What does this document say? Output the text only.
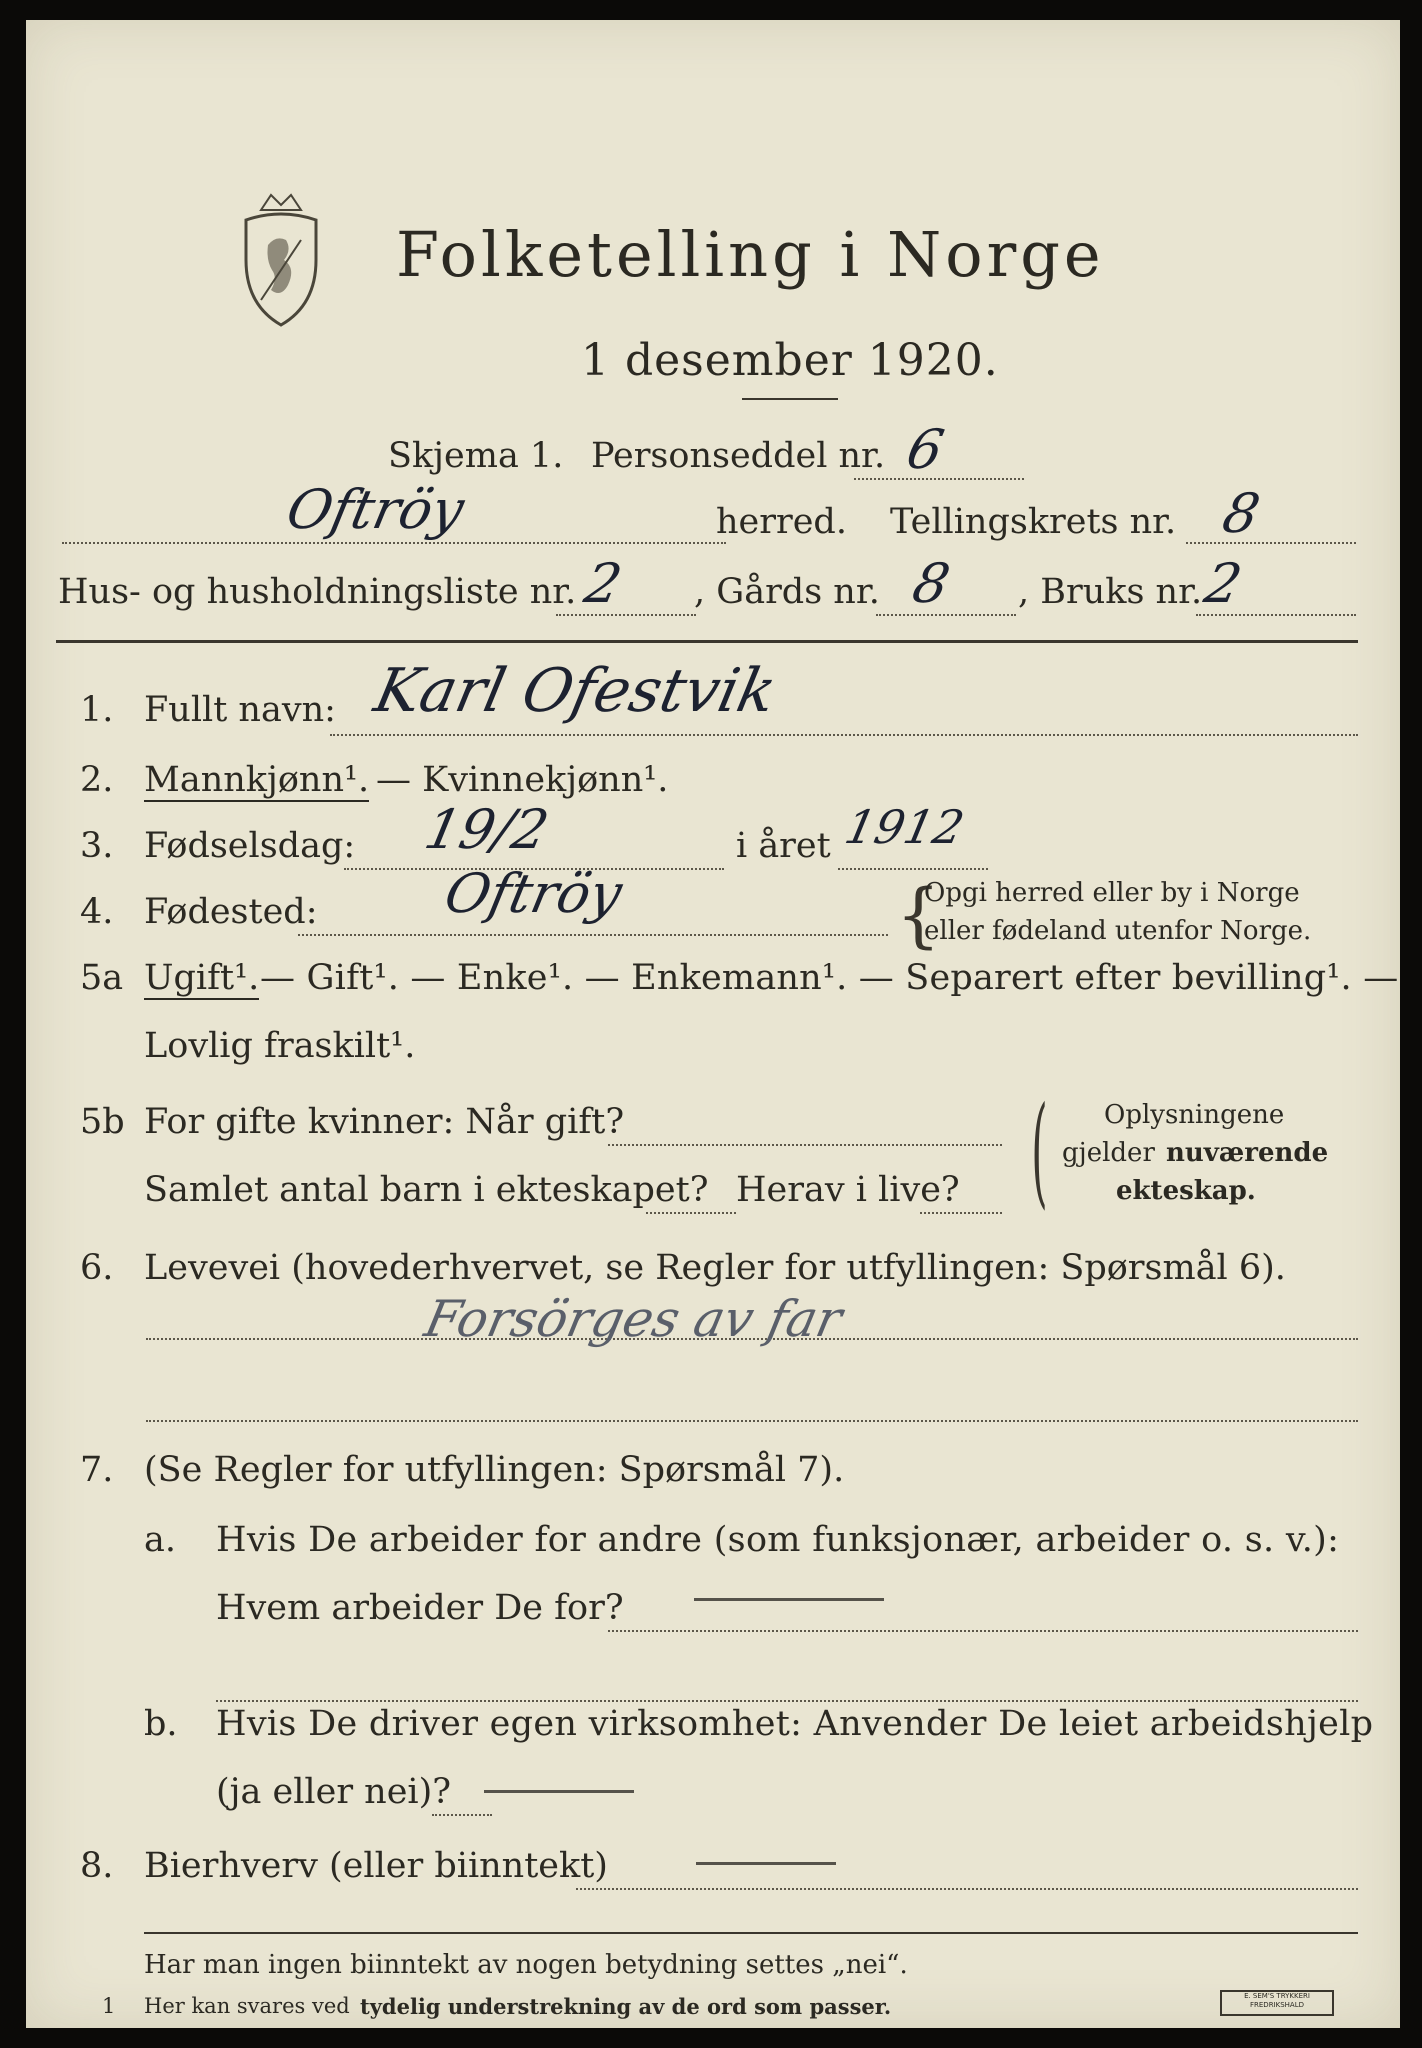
Folketelling i Norge
1 desember 1920.
Skjema 1. Personseddel nr. 6
Oftröy	herred. Tellingskrets nr. 8
Hus- og husholdningsliste nr. 2 , Gårds nr. 8 , Bruks nr.
2
1. Fullt navn: Karl Ofestvik
2. Mannkjønn¹. — Kvinnekjønn¹.
3. Fødselsdag: 19/2	i året 1912
4. Fødested: Oftröy	{
Opgi herred eller by i Norge
eller fødeland utenfor Norge.
5a Ugift¹. — Gift¹. — Enke¹. — Enkemann¹. — Separert efter bevilling¹. —
Lovlig fraskilt¹.
5b For gifte kvinner: Når gift?
Samlet antal barn i ekteskapet? Herav i live? ( Oplysningene
gjelder nuværende
ekteskap.
6. Levevei (hovederhvervet, se Regler for utfyllingen: Spørsmål 6).
Forsörges av far
7. (Se Regler for utfyllingen: Spørsmål 7).
a. Hvis De arbeider for andre (som funksjonær, arbeider o. s. v.):
Hvem arbeider De for?
b. Hvis De driver egen virksomhet: Anvender De leiet arbeidshjelp
(ja eller nei)?
8. Bierhverv (eller biinntekt)
Har man ingen biinntekt av nogen betydning settes „nei“.
1 Her kan svares ved tydelig understrekning av de ord som passer.	E. SEM'S TRYKKERI FREDRIKSHALD
